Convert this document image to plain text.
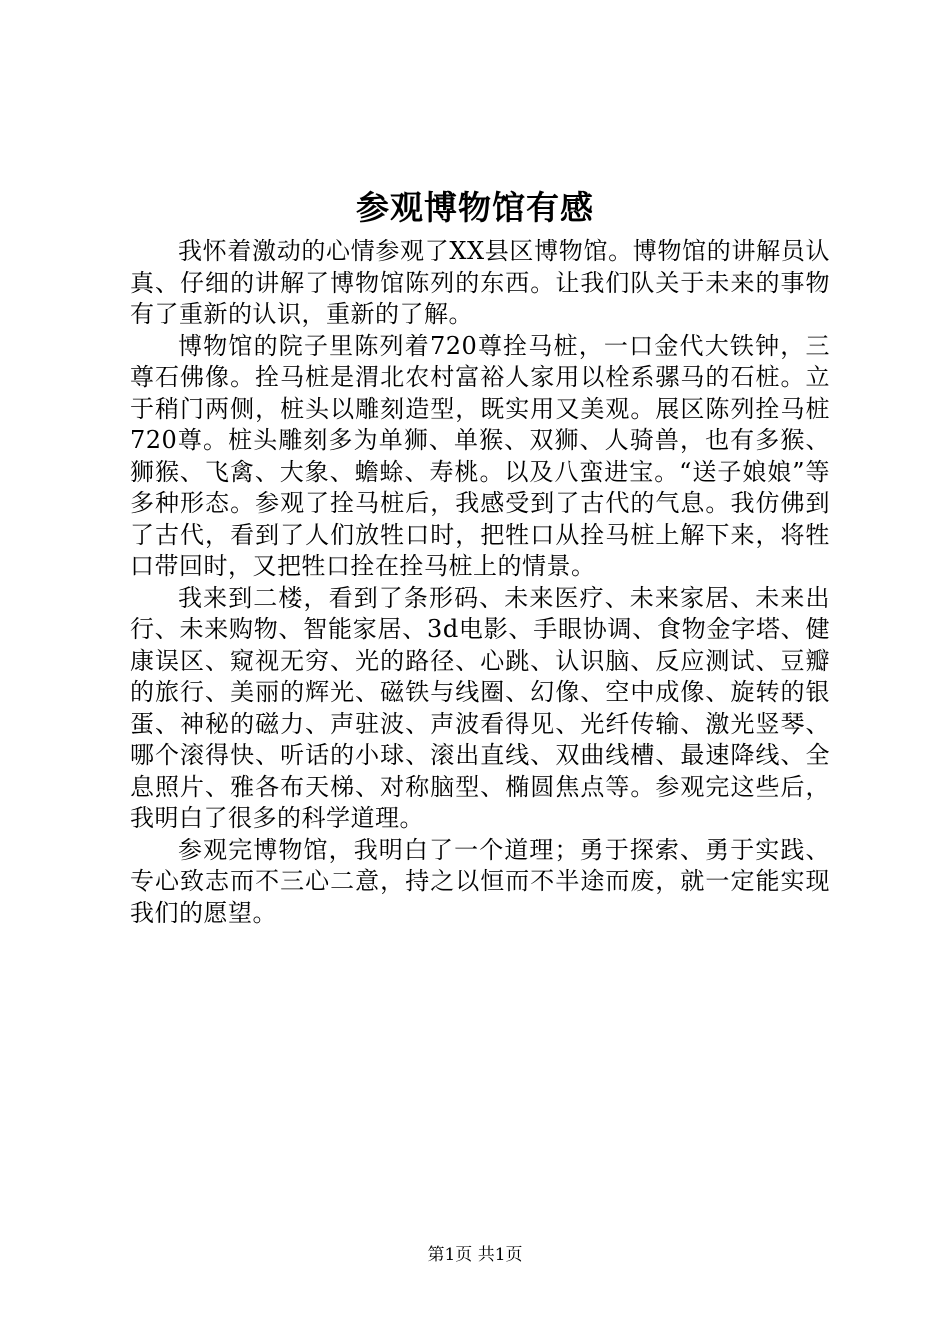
参观博物馆有感

我怀着激动的心情参观了XX县区博物馆。博物馆的讲解员认真、仔细的讲解了博物馆陈列的东西。让我们队关于未来的事物有了重新的认识，重新的了解。

博物馆的院子里陈列着720尊拴马桩，一口金代大铁钟，三尊石佛像。拴马桩是渭北农村富裕人家用以栓系骡马的石桩。立于稍门两侧，桩头以雕刻造型，既实用又美观。展区陈列拴马桩720尊。桩头雕刻多为单狮、单猴、双狮、人骑兽，也有多猴、狮猴、飞禽、大象、蟾蜍、寿桃。以及八蛮进宝。“送子娘娘”等多种形态。参观了拴马桩后，我感受到了古代的气息。我仿佛到了古代，看到了人们放牲口时，把牲口从拴马桩上解下来，将牲口带回时，又把牲口拴在拴马桩上的情景。

我来到二楼，看到了条形码、未来医疗、未来家居、未来出行、未来购物、智能家居、3d电影、手眼协调、食物金字塔、健康误区、窥视无穷、光的路径、心跳、认识脑、反应测试、豆瓣的旅行、美丽的辉光、磁铁与线圈、幻像、空中成像、旋转的银蛋、神秘的磁力、声驻波、声波看得见、光纤传输、激光竖琴、哪个滚得快、听话的小球、滚出直线、双曲线槽、最速降线、全息照片、雅各布天梯、对称脑型、椭圆焦点等。参观完这些后，我明白了很多的科学道理。

参观完博物馆，我明白了一个道理；勇于探索、勇于实践、专心致志而不三心二意，持之以恒而不半途而废，就一定能实现我们的愿望。

第1页 共1页
